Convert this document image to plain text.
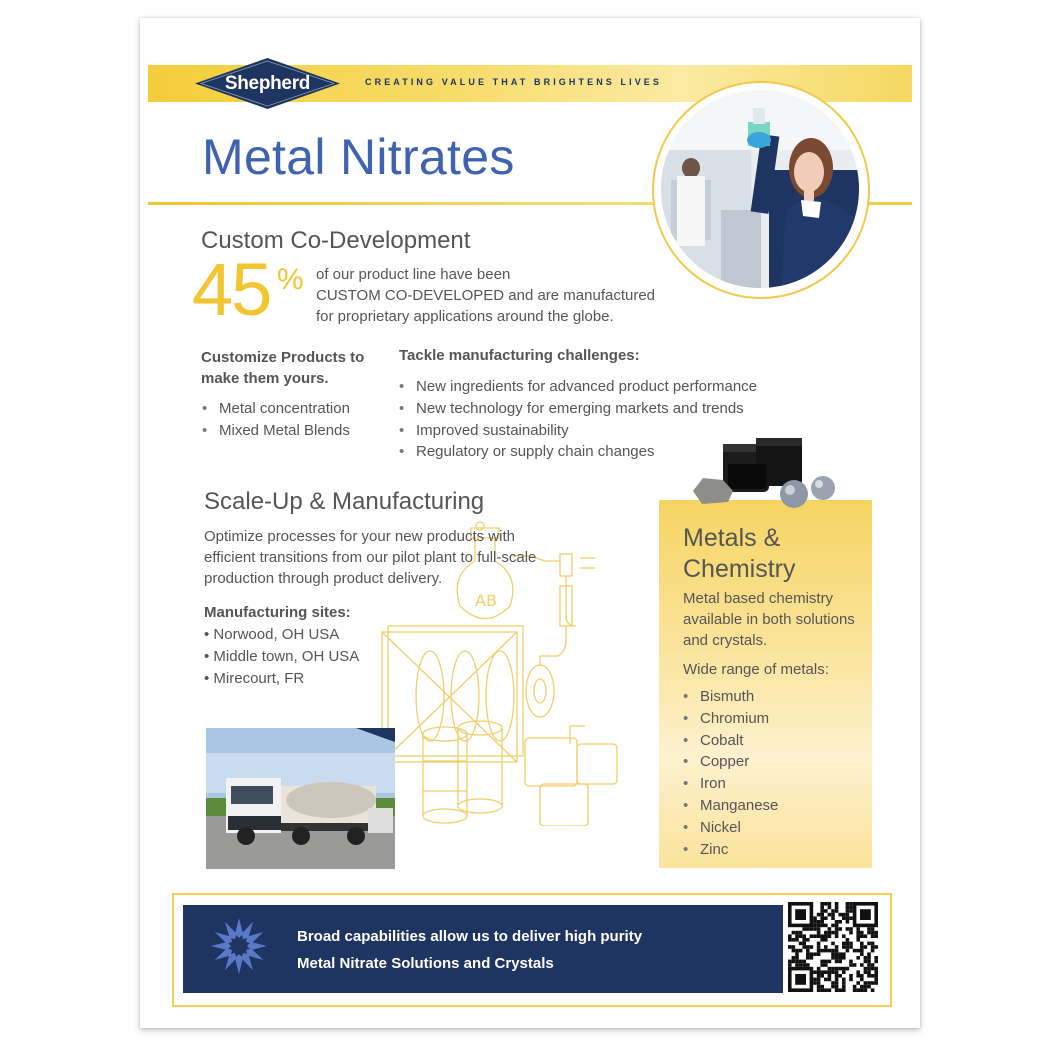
Shepherd	CREATING VALUE THAT BRIGHTENS LIVES
Metal Nitrates
Custom Co-Development
45 % of our product line have been
CUSTOM CO-DEVELOPED and are manufactured
for proprietary applications around the globe.
Customize Products to
make them yours.
• Metal concentration
• Mixed Metal Blends
Tackle manufacturing challenges:
• New ingredients for advanced product performance
• New technology for emerging markets and trends
• Improved sustainability
• Regulatory or supply chain changes
AB
Scale-Up & Manufacturing
Optimize processes for your new products with
efficient transitions from our pilot plant to full-scale
production through product delivery.
Manufacturing sites:
• Norwood, OH USA
• Middle town, OH USA
• Mirecourt, FR
Metals &
Chemistry
Metal based chemistry
available in both solutions
and crystals.
Wide range of metals:
• Bismuth
• Chromium
• Cobalt
• Copper
• Iron
• Manganese
• Nickel
• Zinc
Broad capabilities allow us to deliver high purity
Metal Nitrate Solutions and Crystals
